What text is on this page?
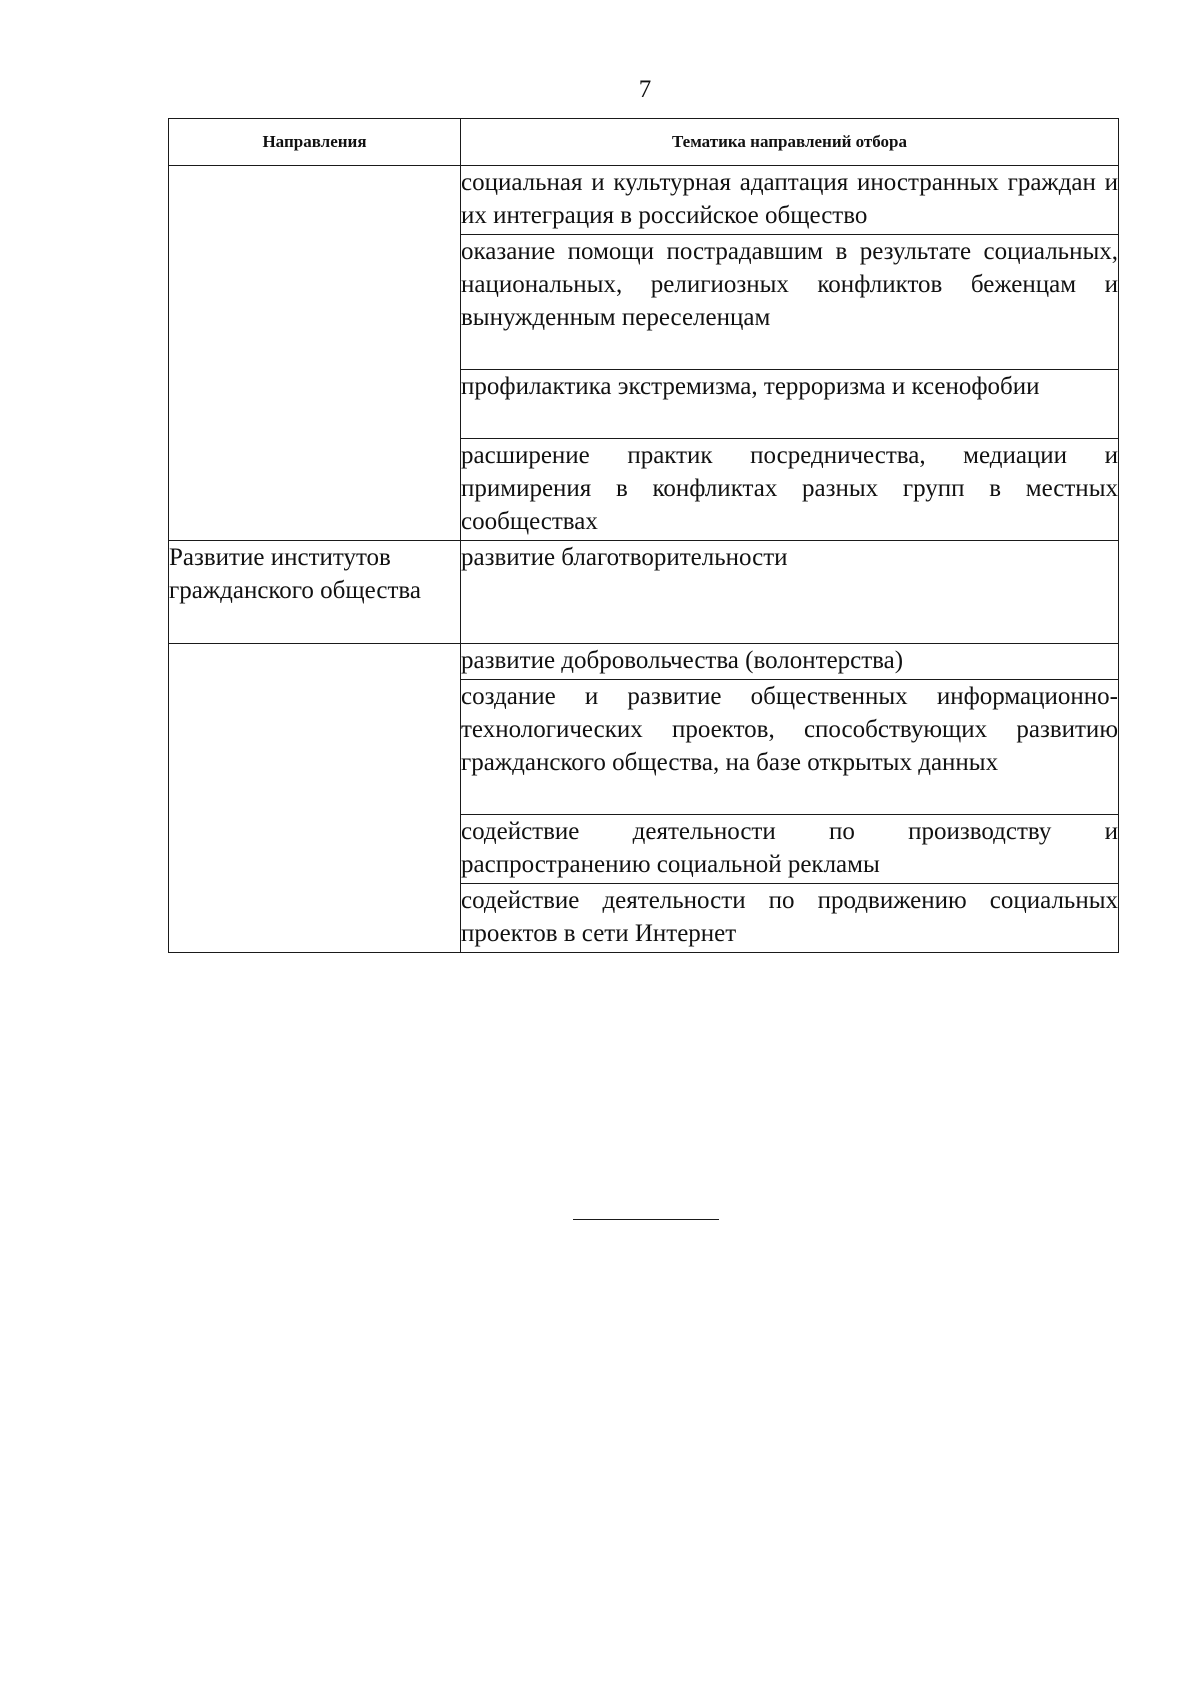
7
Направления	Тематика направлений отбора
	социальная и культурная адаптация иностранных граждан и их интеграция в российское общество
	оказание помощи пострадавшим в результате социальных, национальных, религиозных конфликтов беженцам и вынужденным переселенцам
	профилактика экстремизма, терроризма и ксенофобии
	расширение практик посредничества, медиации и примирения в конфликтах разных групп в местных сообществах
Развитие институтов гражданского общества	развитие благотворительности
	развитие добровольчества (волонтерства)
	создание и развитие общественных информационно-технологических проектов, способствующих развитию гражданского общества, на базе открытых данных
	содействие деятельности по производству и распространению социальной рекламы
	содействие деятельности по продвижению социальных проектов в сети Интернет
